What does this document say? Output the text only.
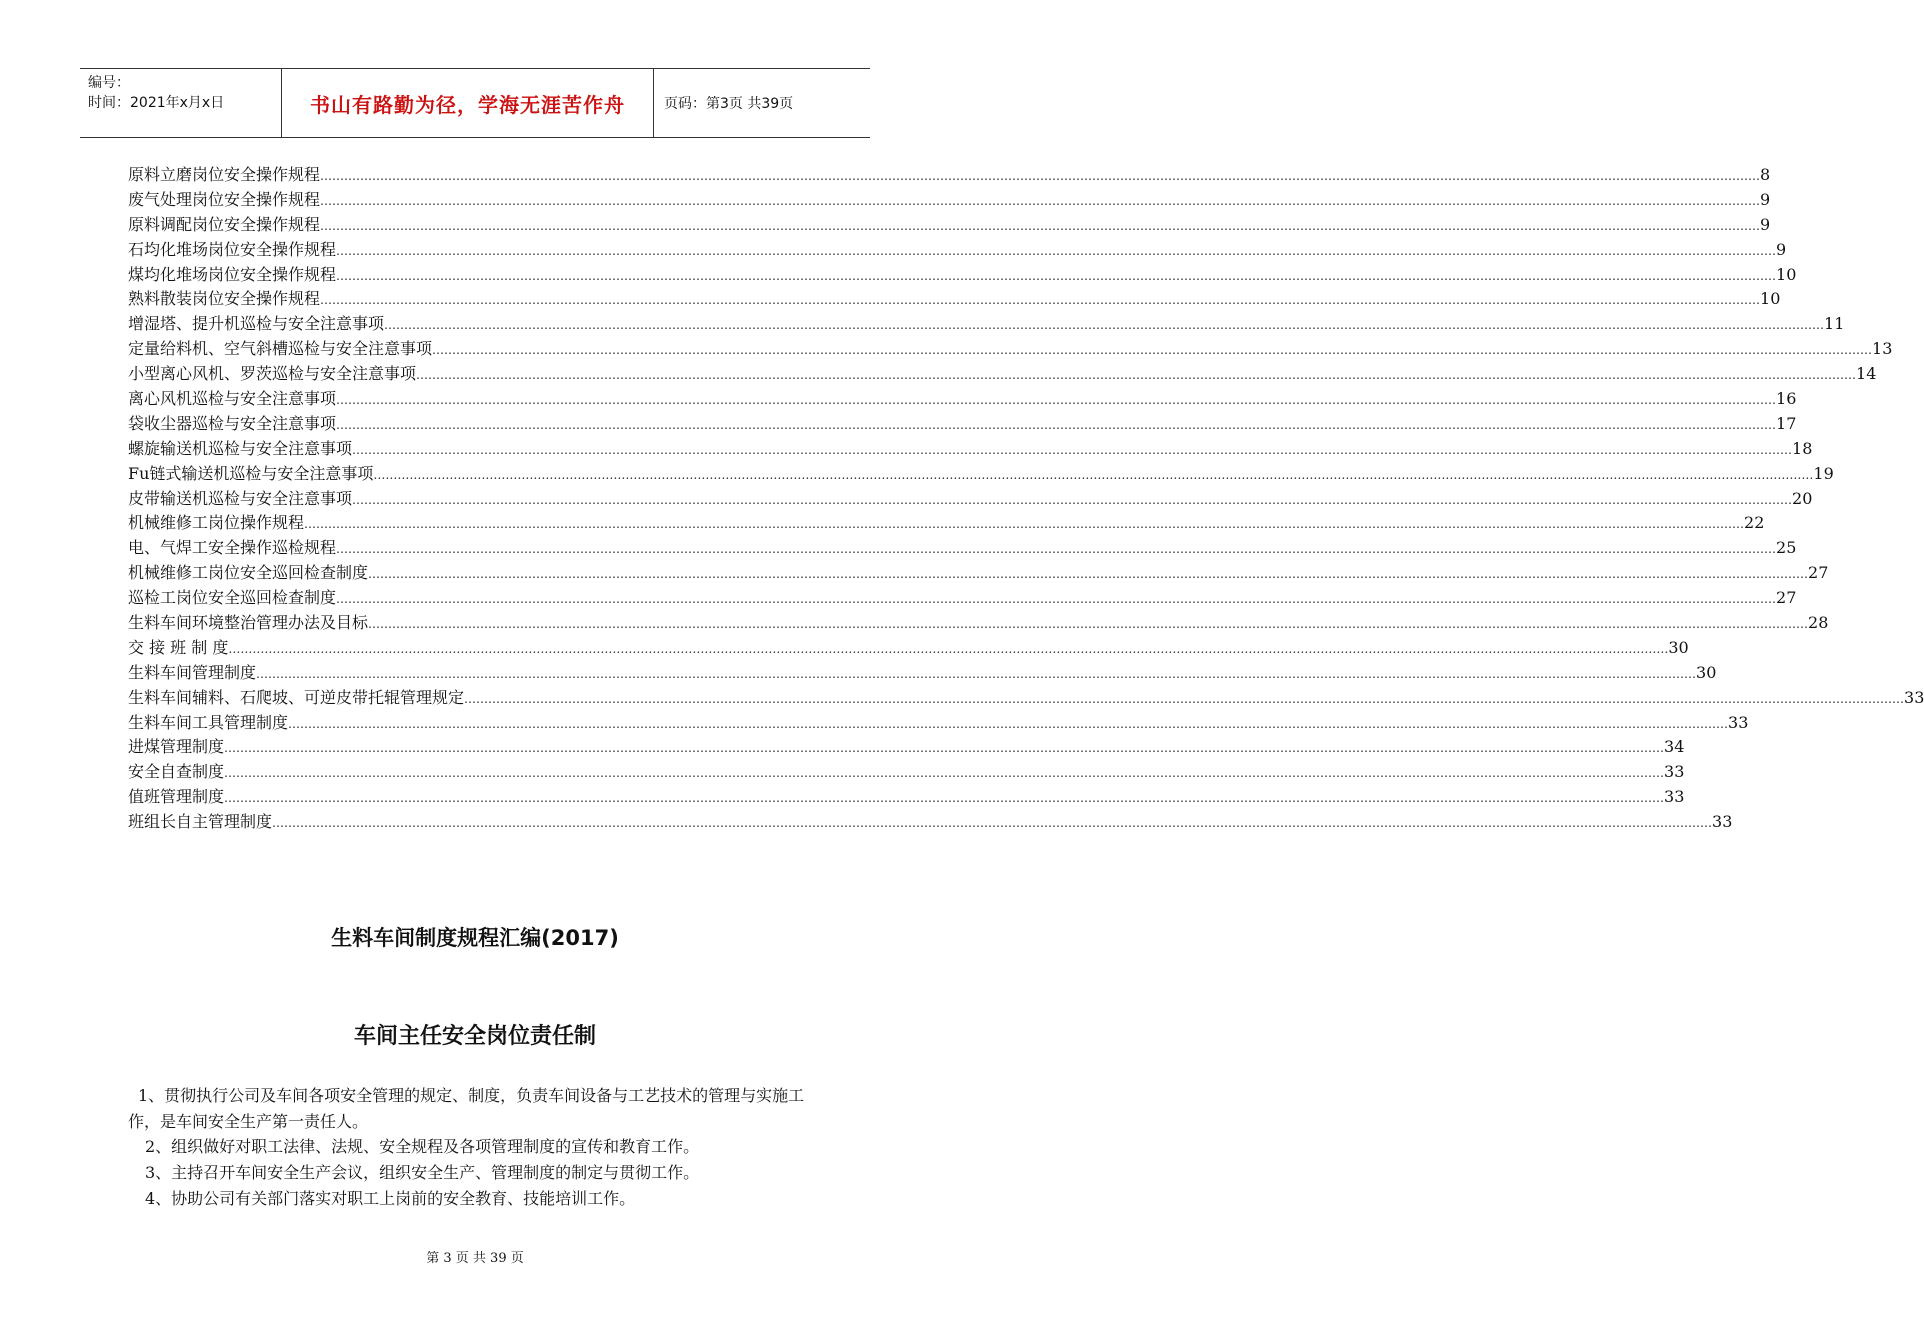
编号：
时间：2021年x月x日	书山有路勤为径，学海无涯苦作舟	页码：第3页 共39页
原料立磨岗位安全操作规程 ……………………………………………………………………………………………………………………………………………………………………………………………………………………………………………………………………………………………………………………………… 8
废气处理岗位安全操作规程 ……………………………………………………………………………………………………………………………………………………………………………………………………………………………………………………………………………………………………………………………… 9
原料调配岗位安全操作规程 ……………………………………………………………………………………………………………………………………………………………………………………………………………………………………………………………………………………………………………………………… 9
石均化堆场岗位安全操作规程 ……………………………………………………………………………………………………………………………………………………………………………………………………………………………………………………………………………………………………………………………… 9
煤均化堆场岗位安全操作规程 ……………………………………………………………………………………………………………………………………………………………………………………………………………………………………………………………………………………………………………………………… 10
熟料散装岗位安全操作规程 ……………………………………………………………………………………………………………………………………………………………………………………………………………………………………………………………………………………………………………………………… 10
增湿塔、提升机巡检与安全注意事项 ……………………………………………………………………………………………………………………………………………………………………………………………………………………………………………………………………………………………………………………………… 11
定量给料机、空气斜槽巡检与安全注意事项 ……………………………………………………………………………………………………………………………………………………………………………………………………………………………………………………………………………………………………………………………… 13
小型离心风机、罗茨巡检与安全注意事项 ……………………………………………………………………………………………………………………………………………………………………………………………………………………………………………………………………………………………………………………………… 14
离心风机巡检与安全注意事项 ……………………………………………………………………………………………………………………………………………………………………………………………………………………………………………………………………………………………………………………………… 16
袋收尘器巡检与安全注意事项 ……………………………………………………………………………………………………………………………………………………………………………………………………………………………………………………………………………………………………………………………… 17
螺旋输送机巡检与安全注意事项 ……………………………………………………………………………………………………………………………………………………………………………………………………………………………………………………………………………………………………………………………… 18
Fu链式输送机巡检与安全注意事项 ……………………………………………………………………………………………………………………………………………………………………………………………………………………………………………………………………………………………………………………………… 19
皮带输送机巡检与安全注意事项 ……………………………………………………………………………………………………………………………………………………………………………………………………………………………………………………………………………………………………………………………… 20
机械维修工岗位操作规程 ……………………………………………………………………………………………………………………………………………………………………………………………………………………………………………………………………………………………………………………………… 22
电、气焊工安全操作巡检规程 ……………………………………………………………………………………………………………………………………………………………………………………………………………………………………………………………………………………………………………………………… 25
机械维修工岗位安全巡回检查制度 ……………………………………………………………………………………………………………………………………………………………………………………………………………………………………………………………………………………………………………………………… 27
巡检工岗位安全巡回检查制度 ……………………………………………………………………………………………………………………………………………………………………………………………………………………………………………………………………………………………………………………………… 27
生料车间环境整治管理办法及目标 ……………………………………………………………………………………………………………………………………………………………………………………………………………………………………………………………………………………………………………………………… 28
交 接 班 制 度 ……………………………………………………………………………………………………………………………………………………………………………………………………………………………………………………………………………………………………………………………… 30
生料车间管理制度 ……………………………………………………………………………………………………………………………………………………………………………………………………………………………………………………………………………………………………………………………… 30
生料车间辅料、石爬坡、可逆皮带托辊管理规定 ……………………………………………………………………………………………………………………………………………………………………………………………………………………………………………………………………………………………………………………………… 33
生料车间工具管理制度 ……………………………………………………………………………………………………………………………………………………………………………………………………………………………………………………………………………………………………………………………… 33
进煤管理制度 ……………………………………………………………………………………………………………………………………………………………………………………………………………………………………………………………………………………………………………………………… 34
安全自查制度 ……………………………………………………………………………………………………………………………………………………………………………………………………………………………………………………………………………………………………………………………… 33
值班管理制度 ……………………………………………………………………………………………………………………………………………………………………………………………………………………………………………………………………………………………………………………………… 33
班组长自主管理制度 ……………………………………………………………………………………………………………………………………………………………………………………………………………………………………………………………………………………………………………………………… 33
生料车间制度规程汇编(2017)
车间主任安全岗位责任制
1、贯彻执行公司及车间各项安全管理的规定、制度，负责车间设备与工艺技术的管理与实施工作，是车间安全生产第一责任人。
2、组织做好对职工法律、法规、安全规程及各项管理制度的宣传和教育工作。
3、主持召开车间安全生产会议，组织安全生产、管理制度的制定与贯彻工作。
4、协助公司有关部门落实对职工上岗前的安全教育、技能培训工作。
第 3 页 共 39 页
